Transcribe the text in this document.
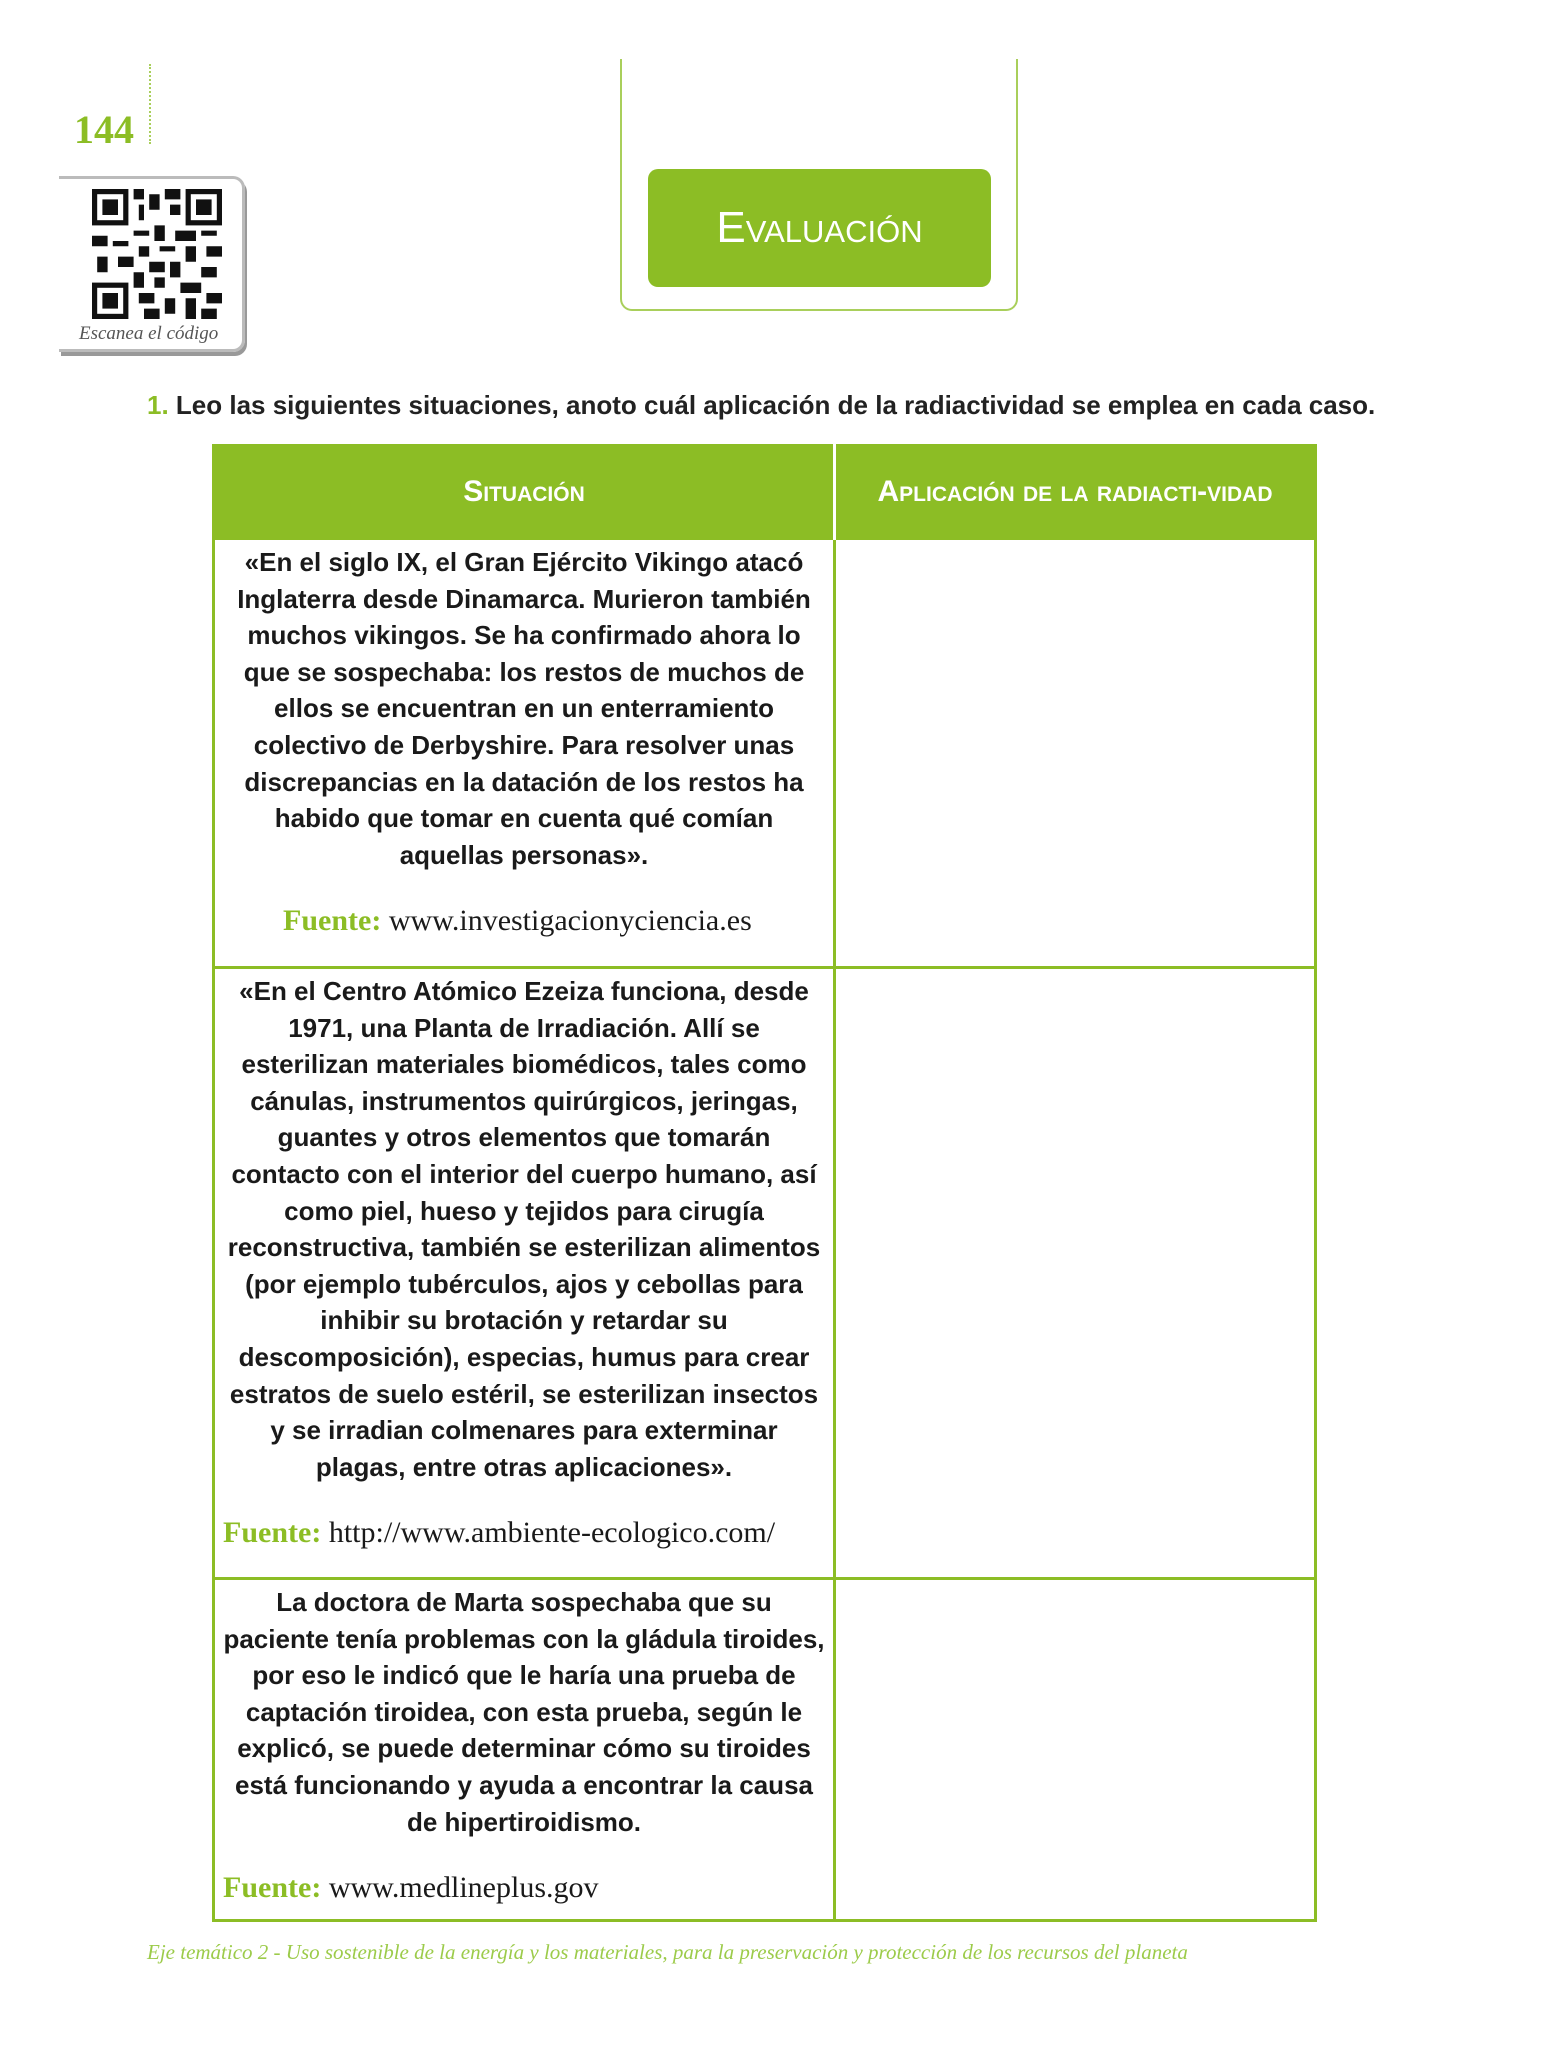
144
Escanea el código
Evaluación
1. Leo las siguientes situaciones, anoto cuál aplicación de la radiactividad se emplea en cada caso.
Situación	Aplicación de la radiacti-vidad

«En el siglo IX, el Gran Ejército Vikingo atacó Inglaterra desde Dinamarca. Murieron también muchos vikingos. Se ha confirmado ahora lo que se sospechaba: los restos de muchos de ellos se encuentran en un enterramiento colectivo de Derbyshire. Para resolver unas discrepancias en la datación de los restos ha habido que tomar en cuenta qué comían aquellas personas».
Fuente: www.investigacionyciencia.es	

«En el Centro Atómico Ezeiza funciona, desde 1971, una Planta de Irradiación. Allí se esterilizan materiales biomédicos, tales como cánulas, instrumentos quirúrgicos, jeringas, guantes y otros elementos que tomarán contacto con el interior del cuerpo humano, así como piel, hueso y tejidos para cirugía reconstructiva, también se esterilizan alimentos (por ejemplo tubérculos, ajos y cebollas para inhibir su brotación y retardar su descomposición), especias, humus para crear estratos de suelo estéril, se esterilizan insectos y se irradian colmenares para exterminar plagas, entre otras aplicaciones».
Fuente: http://www.ambiente-ecologico.com/	

La doctora de Marta sospechaba que su paciente tenía problemas con la gládula tiroides, por eso le indicó que le haría una prueba de captación tiroidea, con esta prueba, según le explicó, se puede determinar cómo su tiroides está funcionando y ayuda a encontrar la causa de hipertiroidismo.
Fuente: www.medlineplus.gov	

Eje temático 2 - Uso sostenible de la energía y los materiales, para la preservación y protección de los recursos del planeta
